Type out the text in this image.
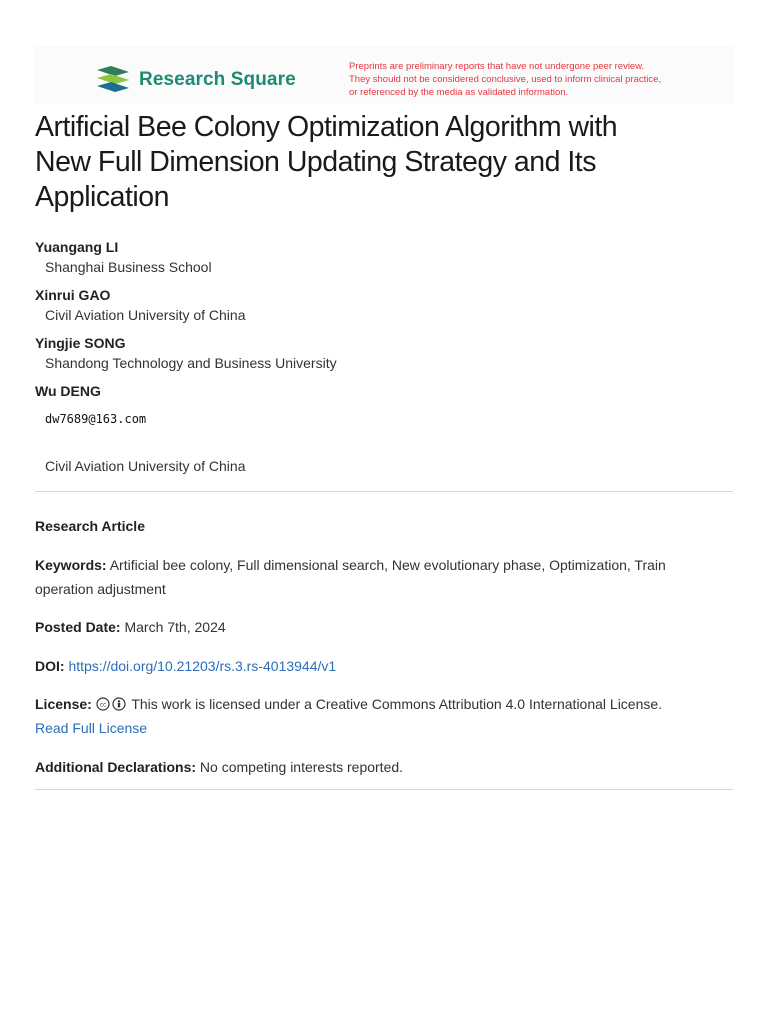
Research Square
Preprints are preliminary reports that have not undergone peer review.
They should not be considered conclusive, used to inform clinical practice,
or referenced by the media as validated information.
Artificial Bee Colony Optimization Algorithm with
New Full Dimension Updating Strategy and Its
Application
Yuangang LI
Shanghai Business School
Xinrui GAO
Civil Aviation University of China
Yingjie SONG
Shandong Technology and Business University
Wu DENG
dw7689@163.com
Civil Aviation University of China
Research Article
Keywords: Artificial bee colony, Full dimensional search, New evolutionary phase, Optimization, Train operation adjustment
Posted Date: March 7th, 2024
DOI: https://doi.org/10.21203/rs.3.rs-4013944/v1
License: cc This work is licensed under a Creative Commons Attribution 4.0 International License.
Read Full License
Additional Declarations: No competing interests reported.
